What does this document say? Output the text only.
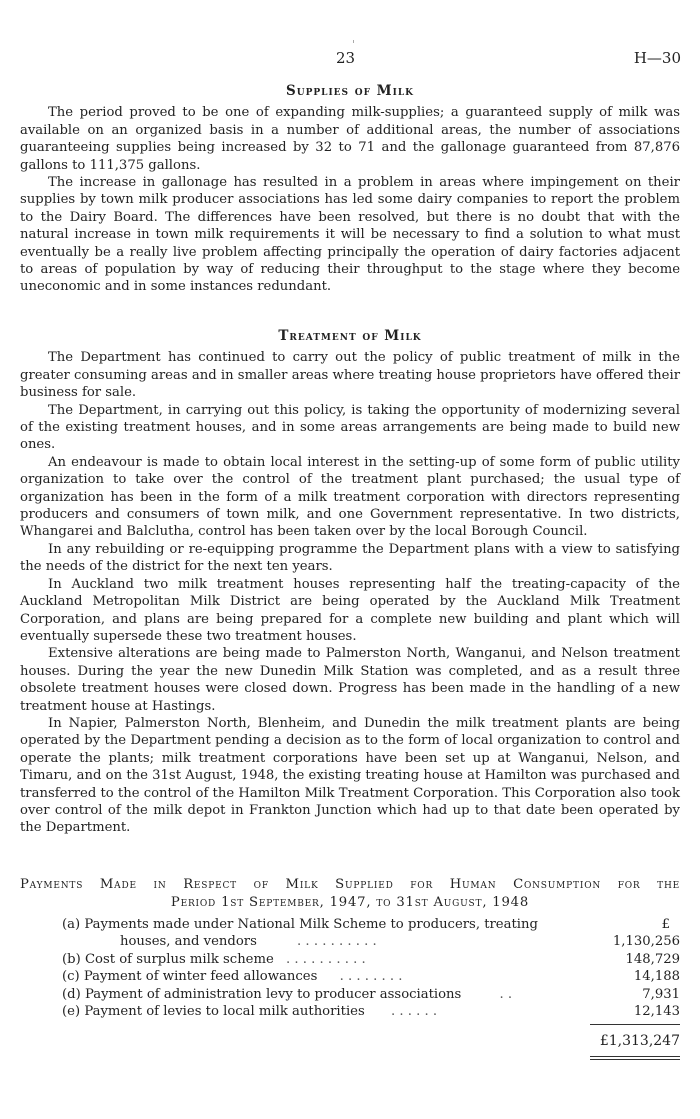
23	H—30
Supplies of Milk

The period proved to be one of expanding milk-supplies; a guaranteed supply of milk was available on an organized basis in a number of additional areas, the number of associations guaranteeing supplies being increased by 32 to 71 and the gallonage guaranteed from 87,876 gallons to 111,375 gallons.

The increase in gallonage has resulted in a problem in areas where impingement on their supplies by town milk producer associations has led some dairy companies to report the problem to the Dairy Board. The differences have been resolved, but there is no doubt that with the natural increase in town milk requirements it will be necessary to find a solution to what must eventually be a really live problem affecting principally the operation of dairy factories adjacent to areas of population by way of reducing their throughput to the stage where they become uneconomic and in some instances redundant.

Treatment of Milk

The Department has continued to carry out the policy of public treatment of milk in the greater consuming areas and in smaller areas where treating house proprietors have offered their business for sale.

The Department, in carrying out this policy, is taking the opportunity of modernizing several of the existing treatment houses, and in some areas arrangements are being made to build new ones.

An endeavour is made to obtain local interest in the setting-up of some form of public utility organization to take over the control of the treatment plant purchased; the usual type of organization has been in the form of a milk treatment corporation with directors representing producers and consumers of town milk, and one Government representative. In two districts, Whangarei and Balclutha, control has been taken over by the local Borough Council.

In any rebuilding or re-equipping programme the Department plans with a view to satisfying the needs of the district for the next ten years.

In Auckland two milk treatment houses representing half the treating-capacity of the Auckland Metropolitan Milk District are being operated by the Auckland Milk Treatment Corporation, and plans are being prepared for a complete new building and plant which will eventually supersede these two treatment houses.

Extensive alterations are being made to Palmerston North, Wanganui, and Nelson treatment houses. During the year the new Dunedin Milk Station was completed, and as a result three obsolete treatment houses were closed down. Progress has been made in the handling of a new treatment house at Hastings.

In Napier, Palmerston North, Blenheim, and Dunedin the milk treatment plants are being operated by the Department pending a decision as to the form of local organization to control and operate the plants; milk treatment corporations have been set up at Wanganui, Nelson, and Timaru, and on the 31st August, 1948, the existing treating house at Hamilton was purchased and transferred to the control of the Hamilton Milk Treatment Corporation. This Corporation also took over control of the milk depot in Frankton Junction which had up to that date been operated by the Department.

Payments Made in Respect of Milk Supplied for Human Consumption for the
Period 1st September, 1947, to 31st August, 1948
(a) Payments made under National Milk Scheme to producers, treating	£
houses, and vendors	. . . . . . . . . .	1,130,256
(b) Cost of surplus milk scheme . . . . . . . . . .	148,729
(c) Payment of winter feed allowances . . . . . . . .	14,188
(d) Payment of administration levy to producer associations	. .	7,931
(e) Payment of levies to local milk authorities . . . . . .	12,143
£1,313,247
